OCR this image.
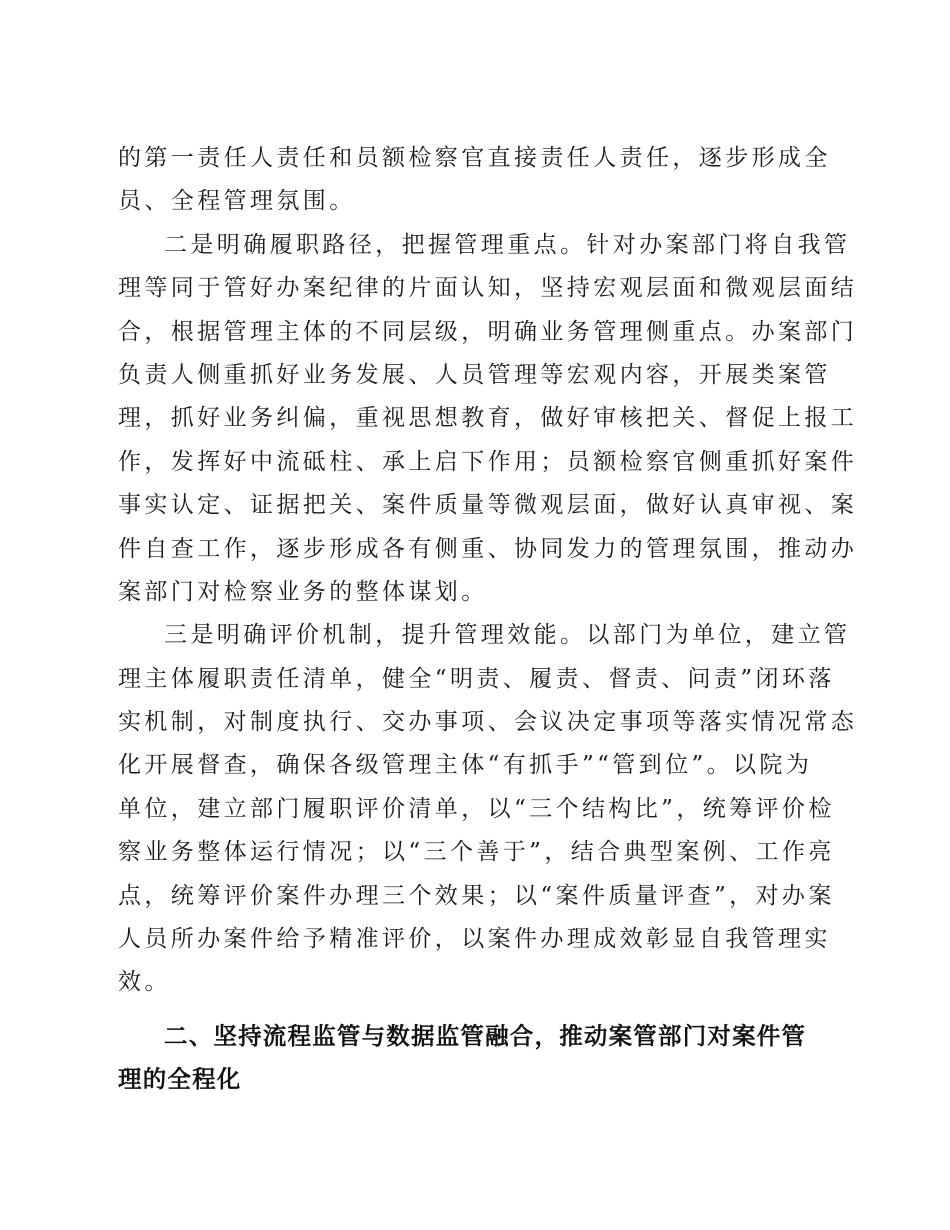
的第一责任人责任和员额检察官直接责任人责任，逐步形成全
员、全程管理氛围。
二是明确履职路径，把握管理重点。针对办案部门将自我管
理等同于管好办案纪律的片面认知，坚持宏观层面和微观层面结
合，根据管理主体的不同层级，明确业务管理侧重点。办案部门
负责人侧重抓好业务发展、人员管理等宏观内容，开展类案管
理，抓好业务纠偏，重视思想教育，做好审核把关、督促上报工
作，发挥好中流砥柱、承上启下作用；员额检察官侧重抓好案件
事实认定、证据把关、案件质量等微观层面，做好认真审视、案
件自查工作，逐步形成各有侧重、协同发力的管理氛围，推动办
案部门对检察业务的整体谋划。
三是明确评价机制，提升管理效能。以部门为单位，建立管
理主体履职责任清单，健全“明责、履责、督责、问责”闭环落
实机制，对制度执行、交办事项、会议决定事项等落实情况常态
化开展督查，确保各级管理主体“有抓手”“管到位”。以院为
单位，建立部门履职评价清单，以“三个结构比”，统筹评价检
察业务整体运行情况；以“三个善于”，结合典型案例、工作亮
点，统筹评价案件办理三个效果；以“案件质量评查”，对办案
人员所办案件给予精准评价，以案件办理成效彰显自我管理实
效。
二、坚持流程监管与数据监管融合，推动案管部门对案件管
理的全程化
